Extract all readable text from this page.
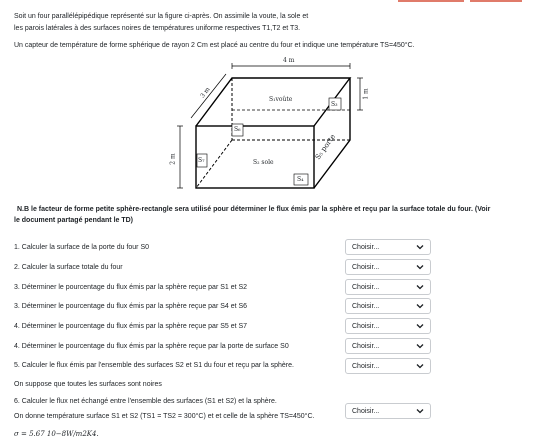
Soit un four parallélépipédique représenté sur la figure ci-après. On assimile la voute, la sole et
les parois latérales à des surfaces noires de températures uniforme respectives T1,T2 et T3.
Un capteur de température de forme sphérique de rayon 2 Cm est placé au centre du four et indique une température TS=450°C.
4 m
3 m
2 m
1 m
S₁voûte
S₂ sole
S₃
S₄
S₅ porte
S₆
S₇
N.B le facteur de forme petite sphère-rectangle sera utilisé pour déterminer le flux émis par la sphère et reçu par la surface totale du four. (Voir
le document partagé pendant le TD)
1. Calculer la surface de la porte du four S0	Choisir...
2. Calculer la surface totale du four	Choisir...
3. Déterminer le pourcentage du flux émis par la sphère reçue par S1 et S2	Choisir...
3. Déterminer le pourcentage du flux émis par la sphère reçue par S4 et S6	Choisir...
4. Déterminer le pourcentage du flux émis par la sphère reçue par S5 et S7	Choisir...
4. Déterminer le pourcentage du flux émis par la sphère reçue par la porte de surface S0	Choisir...
5. Calculer le flux émis par l'ensemble des surfaces S2 et S1 du four et reçu par la sphère.	Choisir...
On suppose que toutes les surfaces sont noires
6. Calculer le flux net échangé entre l'ensemble des surfaces (S1 et S2) et la sphère.
On donne température surface S1 et S2 (TS1 = TS2 = 300°C) et et celle de la sphère TS=450°C.
Choisir...
σ = 5.67 10−8W/m2K4.
